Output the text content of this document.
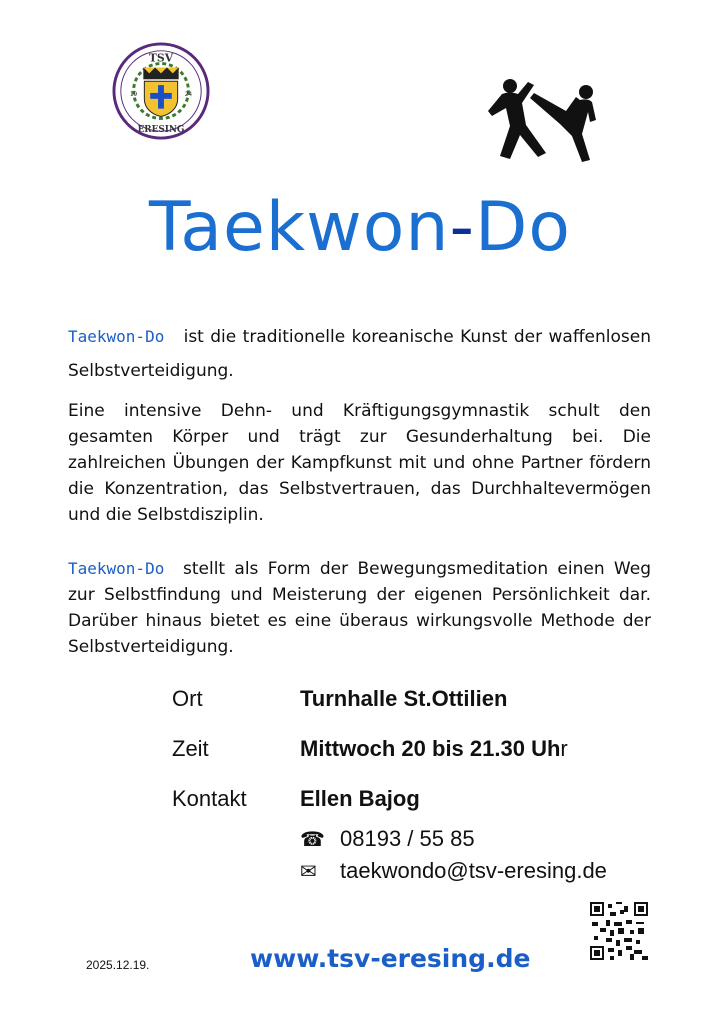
TSV
ERESING
19	24
Taekwon-Do
Taekwon-Do ist die traditionelle koreanische Kunst der waffenlosen Selbstverteidigung.
Eine intensive Dehn- und Kräftigungsgymnastik schult den gesamten Körper und trägt zur Gesunderhaltung bei. Die zahlreichen Übungen der Kampfkunst mit und ohne Partner fördern die Konzentration, das Selbstvertrauen, das Durchhaltevermögen und die Selbstdisziplin.
Taekwon-Do stellt als Form der Bewegungsmeditation einen Weg zur Selbstfindung und Meisterung der eigenen Persönlichkeit dar. Darüber hinaus bietet es eine überaus wirkungsvolle Methode der Selbstverteidigung.
Ort	Turnhalle St.Ottilien
Zeit	Mittwoch 20 bis 21.30 Uhr
Kontakt Ellen Bajog
☎ 08193 / 55 85
✉ taekwondo@tsv-eresing.de
2025.12.19.	www.tsv-eresing.de
